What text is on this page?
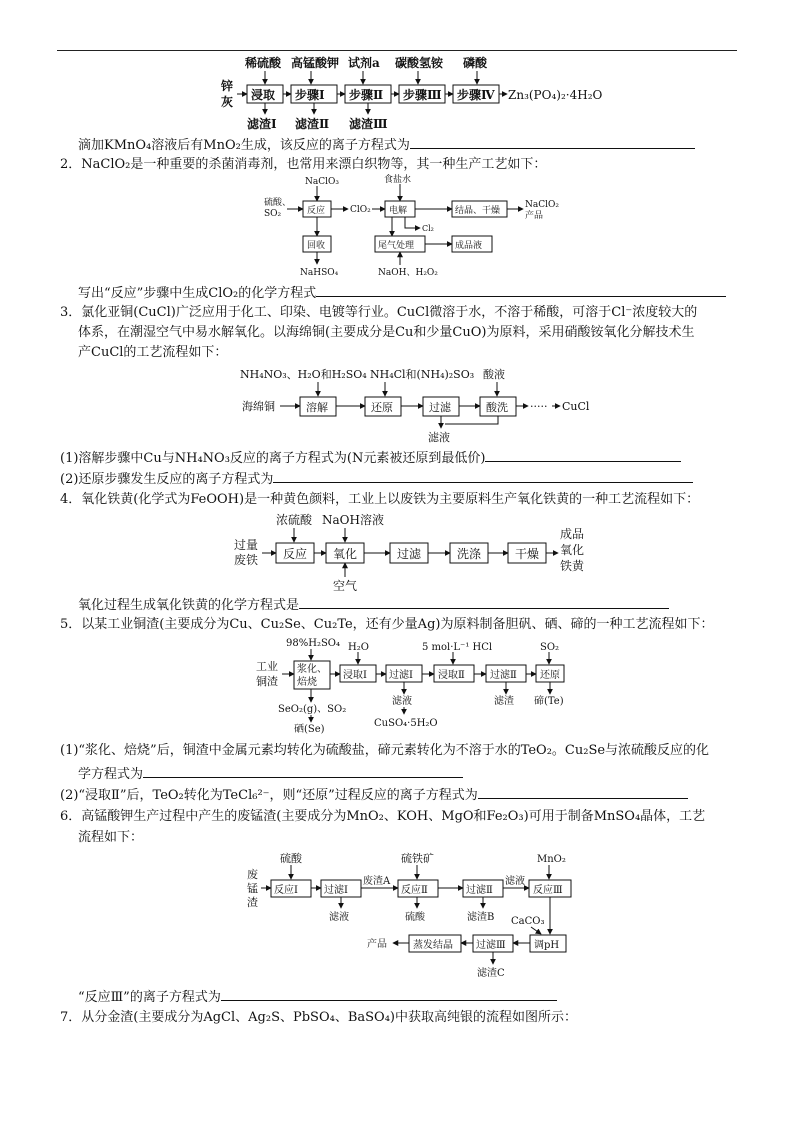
稀硫酸 高锰酸钾 试剂a 碳酸氢铵 磷酸
锌
灰 浸取 步骤Ⅰ 步骤Ⅱ 步骤Ⅲ 步骤Ⅳ Zn₃(PO₄)₂·4H₂O
滤渣Ⅰ 滤渣Ⅱ 滤渣Ⅲ
滴加KMnO₄溶液后有MnO₂生成，该反应的离子方程式为
2．NaClO₂是一种重要的杀菌消毒剂，也常用来漂白织物等，其一种生产工艺如下：
NaClO₃
硫酸、
SO₂	反应	ClO₂
食盐水
电解	结晶、干燥
NaClO₂
产品
Cl₂
回收
NaHSO₄
尾气处理	成品液
NaOH、H₂O₂
写出“反应”步骤中生成ClO₂的化学方程式
3．氯化亚铜(CuCl)广泛应用于化工、印染、电镀等行业。CuCl微溶于水，不溶于稀酸，可溶于Cl⁻浓度较大的
体系，在潮湿空气中易水解氧化。以海绵铜(主要成分是Cu和少量CuO)为原料，采用硝酸铵氧化分解技术生
产CuCl的工艺流程如下：
NH₄NO₃、H₂O和H₂SO₄ NH₄Cl和(NH₄)₂SO₃ 酸液
海绵铜	溶解	还原	过滤	酸洗 ····· CuCl
滤液
(1)溶解步骤中Cu与NH₄NO₃反应的离子方程式为(N元素被还原到最低价)
(2)还原步骤发生反应的离子方程式为
4．氧化铁黄(化学式为FeOOH)是一种黄色颜料，工业上以废铁为主要原料生产氧化铁黄的一种工艺流程如下：
浓硫酸 NaOH溶液
过量
废铁 反应 氧化	过滤	洗涤	干燥
成品
氧化
铁黄
空气
氧化过程生成氧化铁黄的化学方程式是
5．以某工业铜渣(主要成分为Cu、Cu₂Se、Cu₂Te，还有少量Ag)为原料制备胆矾、硒、碲的一种工艺流程如下：
98%H₂SO₄ H₂O	5 mol·L⁻¹ HCl	SO₂
工业
铜渣
浆化、
焙烧
浸取Ⅰ 过滤Ⅰ	浸取Ⅱ	过滤Ⅱ 还原
SeO₂(g)、SO₂
硒(Se)
滤液
CuSO₄·5H₂O
滤渣 碲(Te)
(1)“浆化、焙烧”后，铜渣中金属元素均转化为硫酸盐，碲元素转化为不溶于水的TeO₂。Cu₂Se与浓硫酸反应的化
学方程式为
(2)“浸取Ⅱ”后，TeO₂转化为TeCl₆²⁻，则“还原”过程反应的离子方程式为
6．高锰酸钾生产过程中产生的废锰渣(主要成分为MnO₂、KOH、MgO和Fe₂O₃)可用于制备MnSO₄晶体，工艺
流程如下：
硫酸	硫铁矿	MnO₂
废
锰
渣
反应Ⅰ	过滤Ⅰ
废渣A
反应Ⅱ	过滤Ⅱ
滤液
反应Ⅲ
滤液	硫酸	滤渣B CaCO₃
调pH
过滤Ⅲ
蒸发结晶
产品
滤渣C
“反应Ⅲ”的离子方程式为
7．从分金渣(主要成分为AgCl、Ag₂S、PbSO₄、BaSO₄)中获取高纯银的流程如图所示：
